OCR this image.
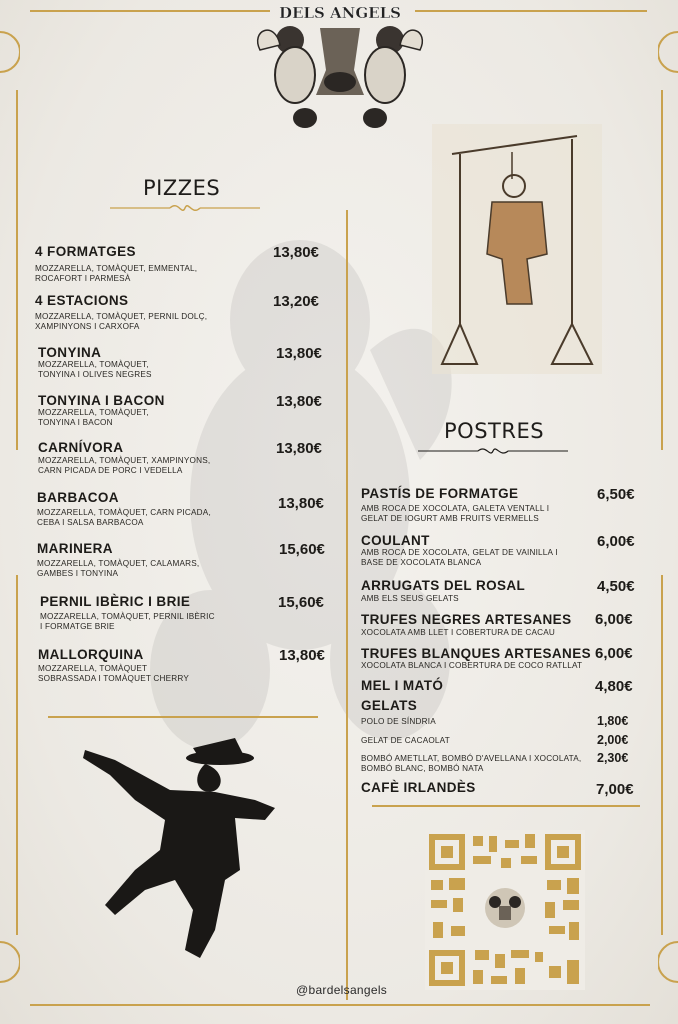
DELS ANGELS
PIZZES
4 FORMATGES
MOZZARELLA, TOMÀQUET, EMMENTAL,
ROCAFORT I PARMESÀ
13,80€
4 ESTACIONS
MOZZARELLA, TOMÀQUET, PERNIL DOLÇ,
XAMPINYONS I CARXOFA
13,20€
TONYINA
MOZZARELLA, TOMÀQUET,
TONYINA I OLIVES NEGRES
13,80€
TONYINA I BACON
MOZZARELLA, TOMÀQUET,
TONYINA I BACON
13,80€
CARNÍVORA
MOZZARELLA, TOMÀQUET, XAMPINYONS,
CARN PICADA DE PORC I VEDELLA
13,80€
BARBACOA
MOZZARELLA, TOMÀQUET, CARN PICADA,
CEBA I SALSA BARBACOA
13,80€
MARINERA
MOZZARELLA, TOMÀQUET, CALAMARS,
GAMBES I TONYINA
15,60€
PERNIL IBÈRIC I BRIE
MOZZARELLA, TOMÀQUET, PERNIL IBÈRIC
I FORMATGE BRIE
15,60€
MALLORQUINA
MOZZARELLA, TOMÀQUET
SOBRASSADA I TOMÀQUET CHERRY
13,80€
POSTRES
PASTÍS DE FORMATGE
AMB ROCA DE XOCOLATA, GALETA VENTALL I
GELAT DE IOGURT AMB FRUITS VERMELLS
6,50€
COULANT
AMB ROCA DE XOCOLATA, GELAT DE VAINILLA I
BASE DE XOCOLATA BLANCA
6,00€
ARRUGATS DEL ROSAL
AMB ELS SEUS GELATS
4,50€
TRUFES NEGRES ARTESANES
XOCOLATA AMB LLET I COBERTURA DE CACAU
6,00€
TRUFES BLANQUES ARTESANES
XOCOLATA BLANCA I COBERTURA DE COCO RATLLAT
6,00€
MEL I MATÓ	4,80€
GELATS
POLO DE SÍNDRIA	1,80€
GELAT DE CACAOLAT	2,00€
BOMBÓ AMETLLAT, BOMBÓ D'AVELLANA I XOCOLATA,
BOMBÓ BLANC, BOMBÓ NATA
2,30€
CAFÈ IRLANDÈS	7,00€
@bardelsangels
